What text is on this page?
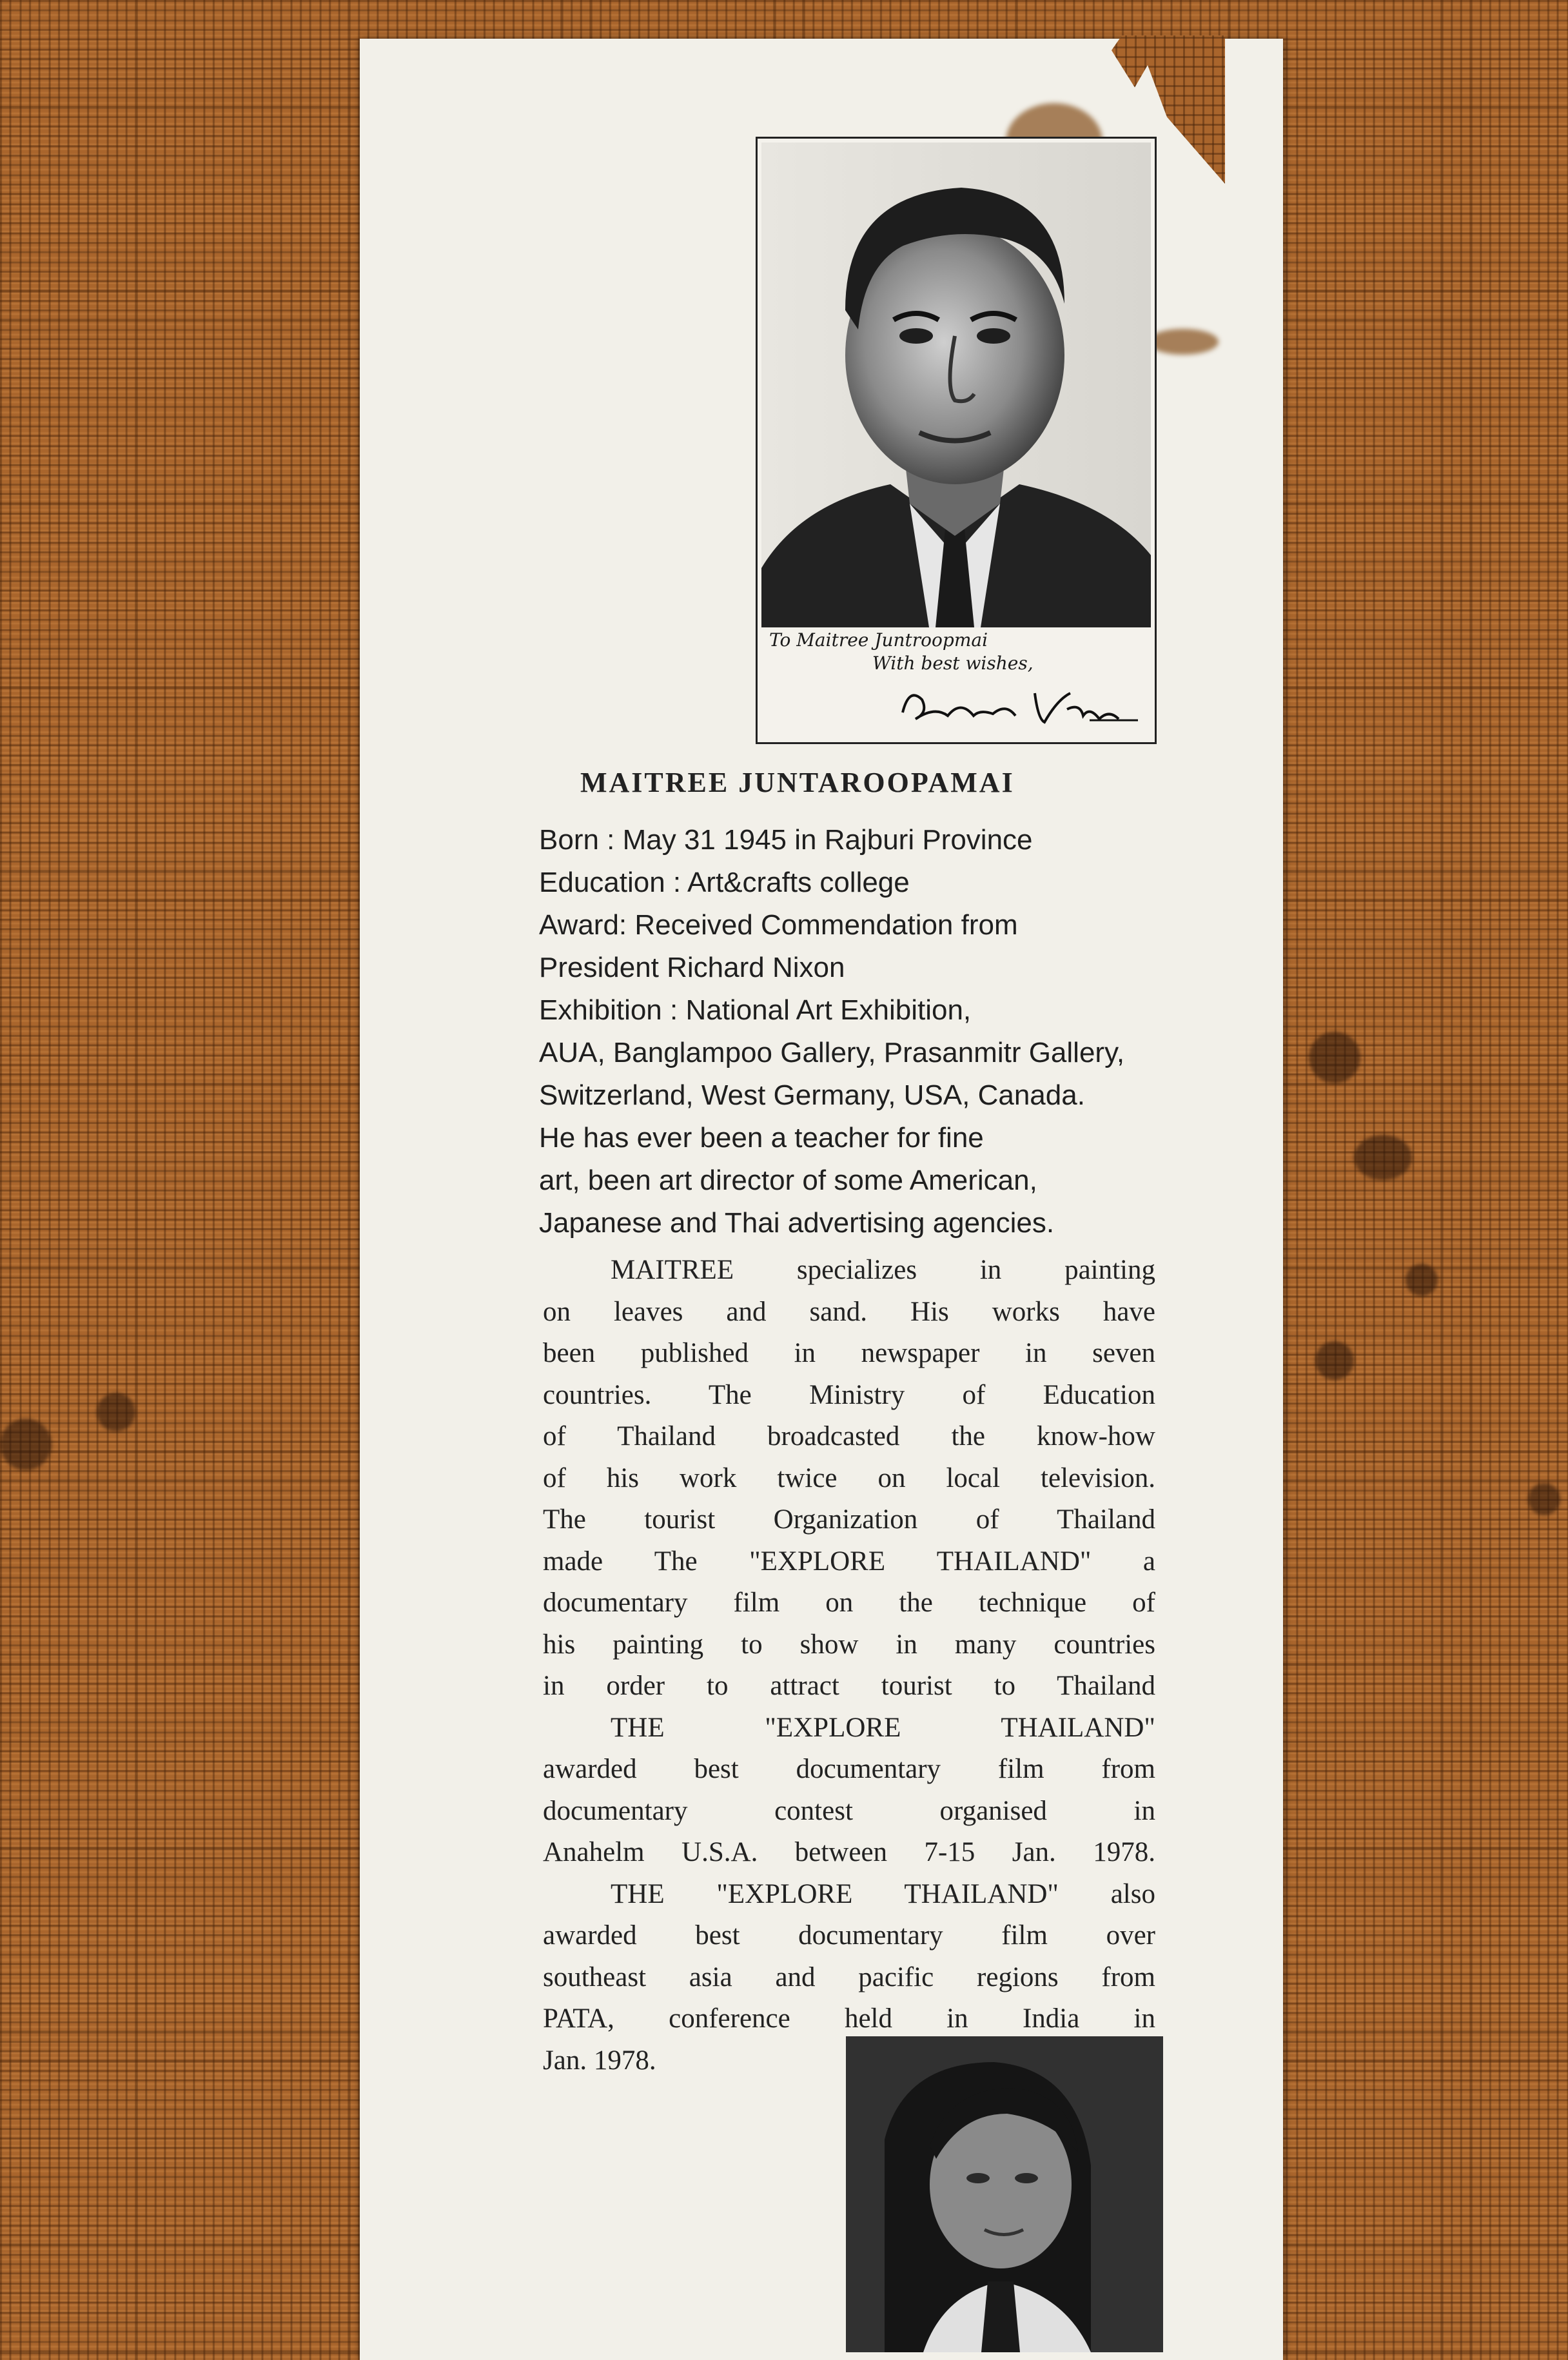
To Maitree Juntroopmai
With best wishes,
MAITREE JUNTAROOPAMAI
Born : May 31 1945 in Rajburi Province
Education : Art&crafts college
Award: Received Commendation from
President Richard Nixon
Exhibition : National Art Exhibition,
AUA, Banglampoo Gallery, Prasanmitr Gallery,
Switzerland, West Germany, USA, Canada.
He has ever been a teacher for fine
art, been art director of some American,
Japanese and Thai advertising agencies.
MAITREE specializes in painting
on leaves and sand. His works have
been published in newspaper in seven
countries. The Ministry of Education
of Thailand broadcasted the know-how
of his work twice on local television.
The tourist Organization of Thailand
made The "EXPLORE THAILAND" a
documentary film on the technique of
his painting to show in many countries
in order to attract tourist to Thailand
THE "EXPLORE THAILAND"
awarded best documentary film from
documentary contest organised in
Anahelm U.S.A. between 7-15 Jan. 1978.
THE "EXPLORE THAILAND" also
awarded best documentary film over
southeast asia and pacific regions from
PATA, conference held in India in
Jan. 1978.
